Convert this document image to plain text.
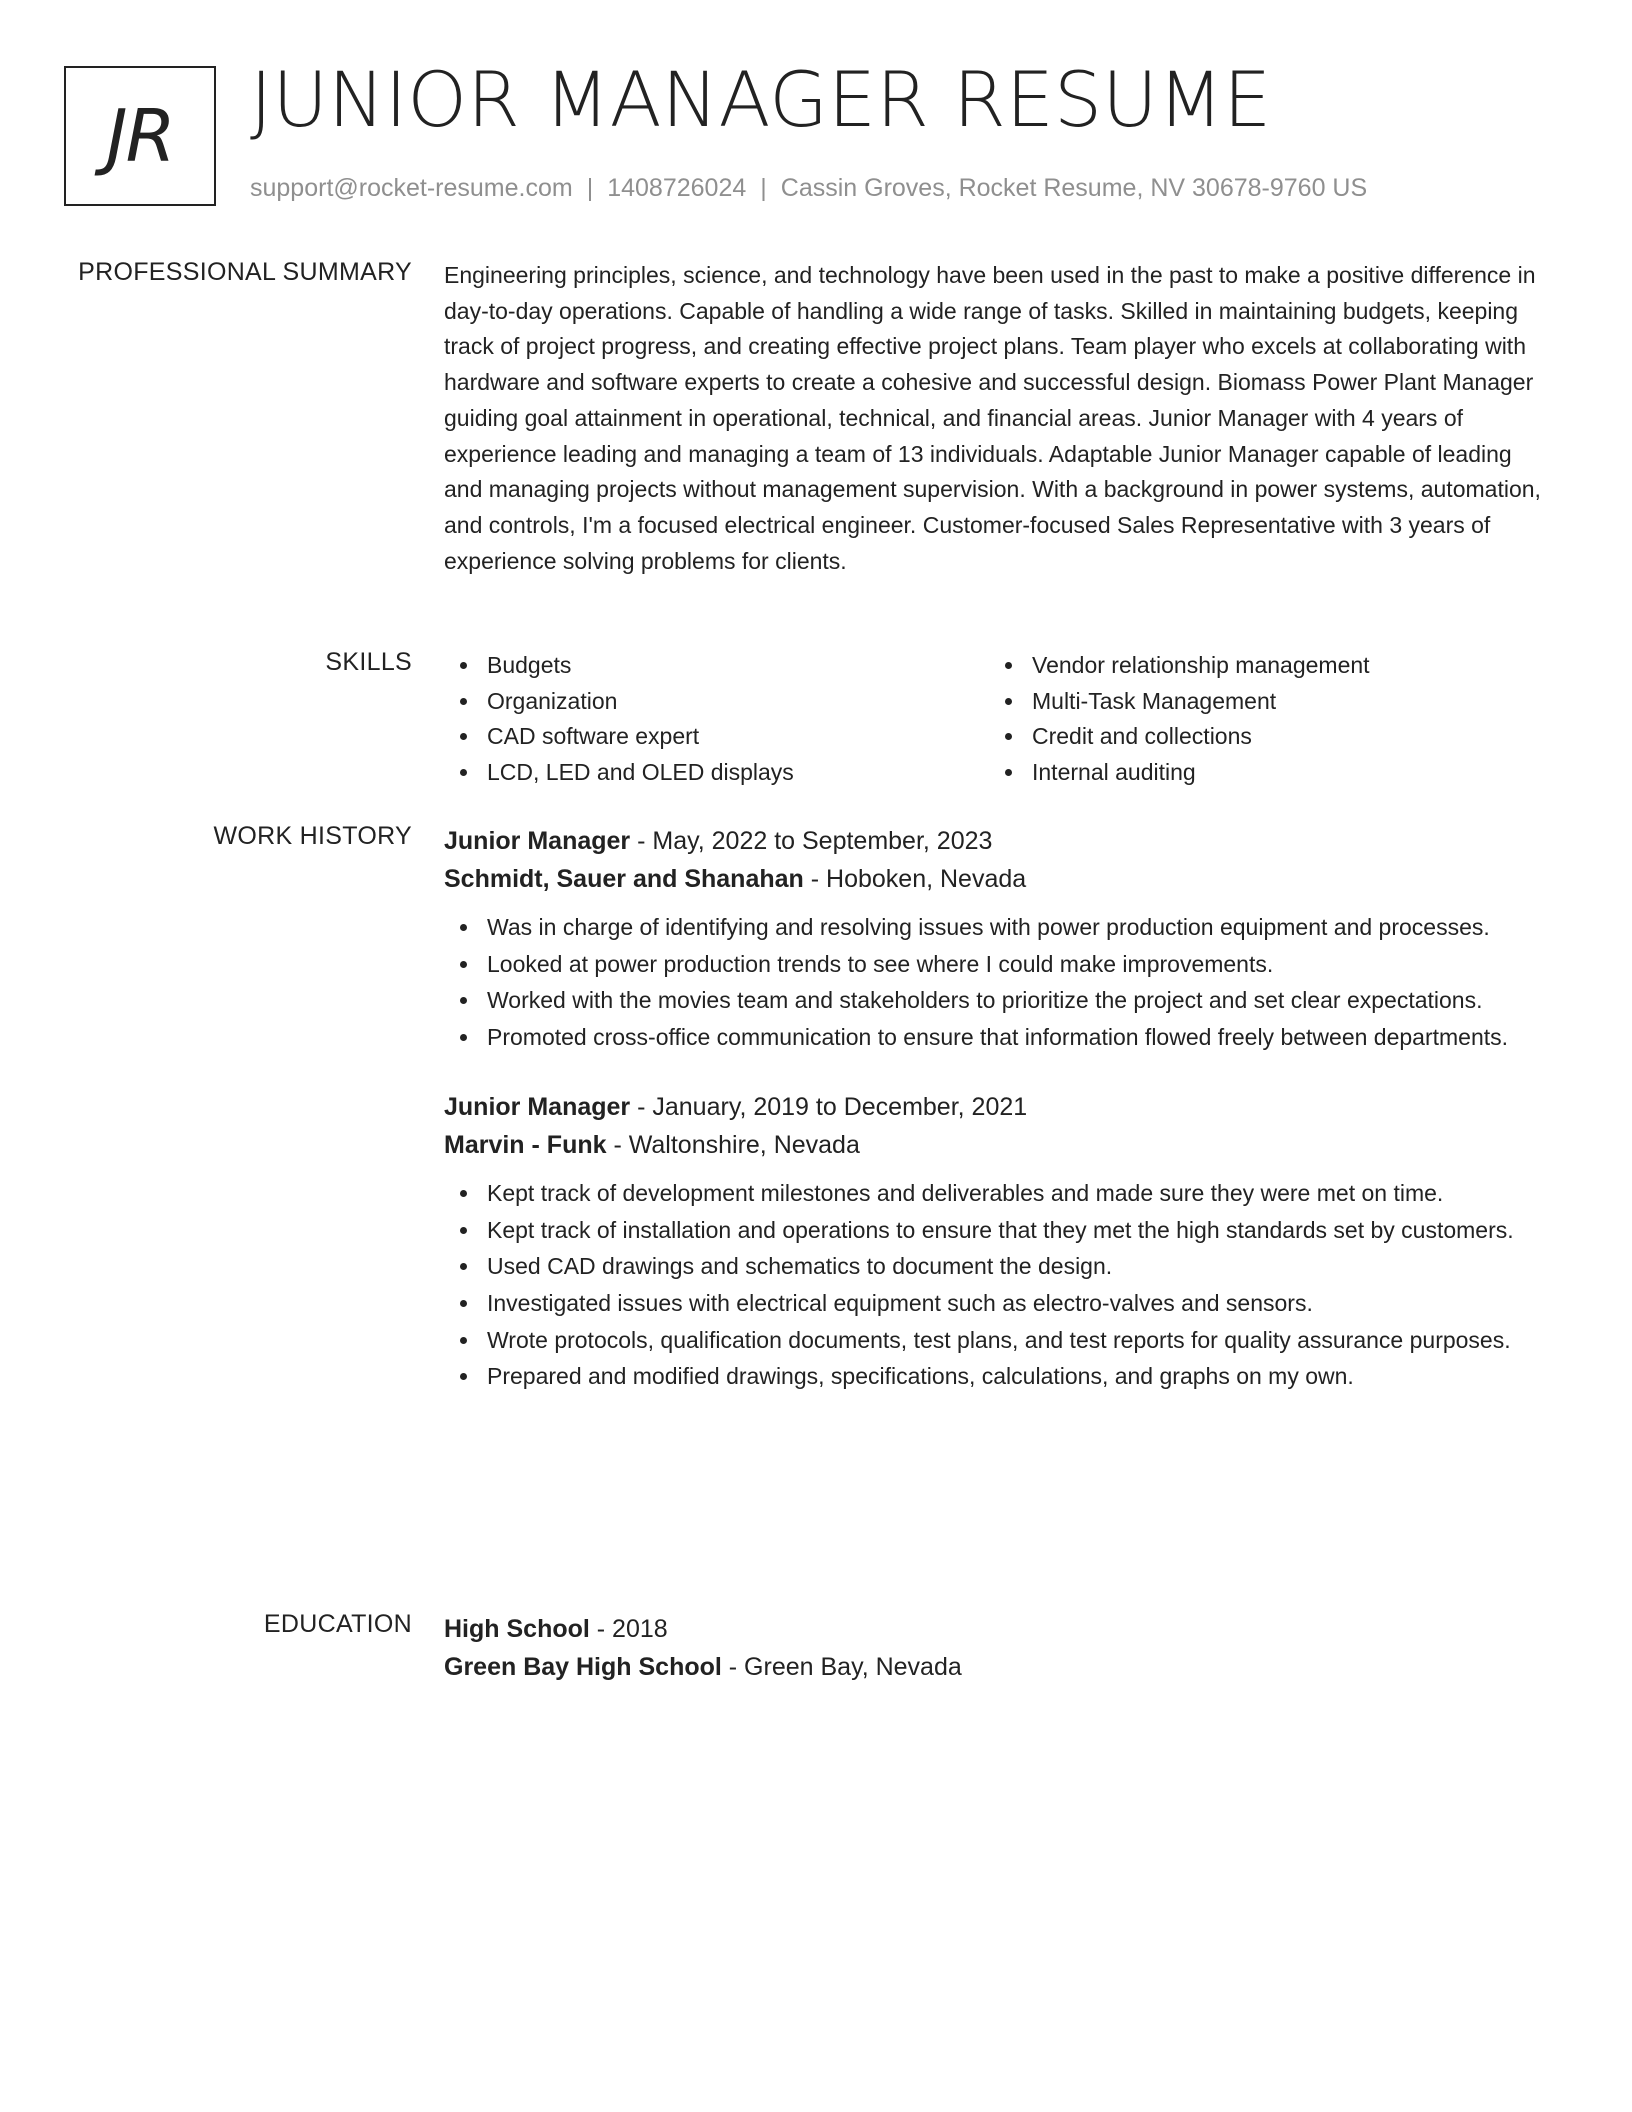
JR JUNIOR MANAGER RESUME
support@rocket-resume.com | 1408726024 | Cassin Groves, Rocket Resume, NV 30678-9760 US
PROFESSIONAL SUMMARY Engineering principles, science, and technology have been used in the past to make a positive difference in day-to-day operations. Capable of handling a wide range of tasks. Skilled in maintaining budgets, keeping track of project progress, and creating effective project plans. Team player who excels at collaborating with hardware and software experts to create a cohesive and successful design. Biomass Power Plant Manager guiding goal attainment in operational, technical, and financial areas. Junior Manager with 4 years of experience leading and managing a team of 13 individuals. Adaptable Junior Manager capable of leading and managing projects without management supervision. With a background in power systems, automation, and controls, I'm a focused electrical engineer. Customer-focused Sales Representative with 3 years of experience solving problems for clients.

SKILLS	Budgets
Organization
CAD software expert
LCD, LED and OLED displays
Vendor relationship management
Multi-Task Management
Credit and collections
Internal auditing
WORK HISTORY Junior Manager - May, 2022 to September, 2023
Schmidt, Sauer and Shanahan - Hoboken, Nevada
Was in charge of identifying and resolving issues with power production equipment and processes.
Looked at power production trends to see where I could make improvements.
Worked with the movies team and stakeholders to prioritize the project and set clear expectations.
Promoted cross-office communication to ensure that information flowed freely between departments.
Junior Manager - January, 2019 to December, 2021
Marvin - Funk - Waltonshire, Nevada
Kept track of development milestones and deliverables and made sure they were met on time.
Kept track of installation and operations to ensure that they met the high standards set by customers.
Used CAD drawings and schematics to document the design.
Investigated issues with electrical equipment such as electro-valves and sensors.
Wrote protocols, qualification documents, test plans, and test reports for quality assurance purposes.
Prepared and modified drawings, specifications, calculations, and graphs on my own.
EDUCATION High School - 2018
Green Bay High School - Green Bay, Nevada
